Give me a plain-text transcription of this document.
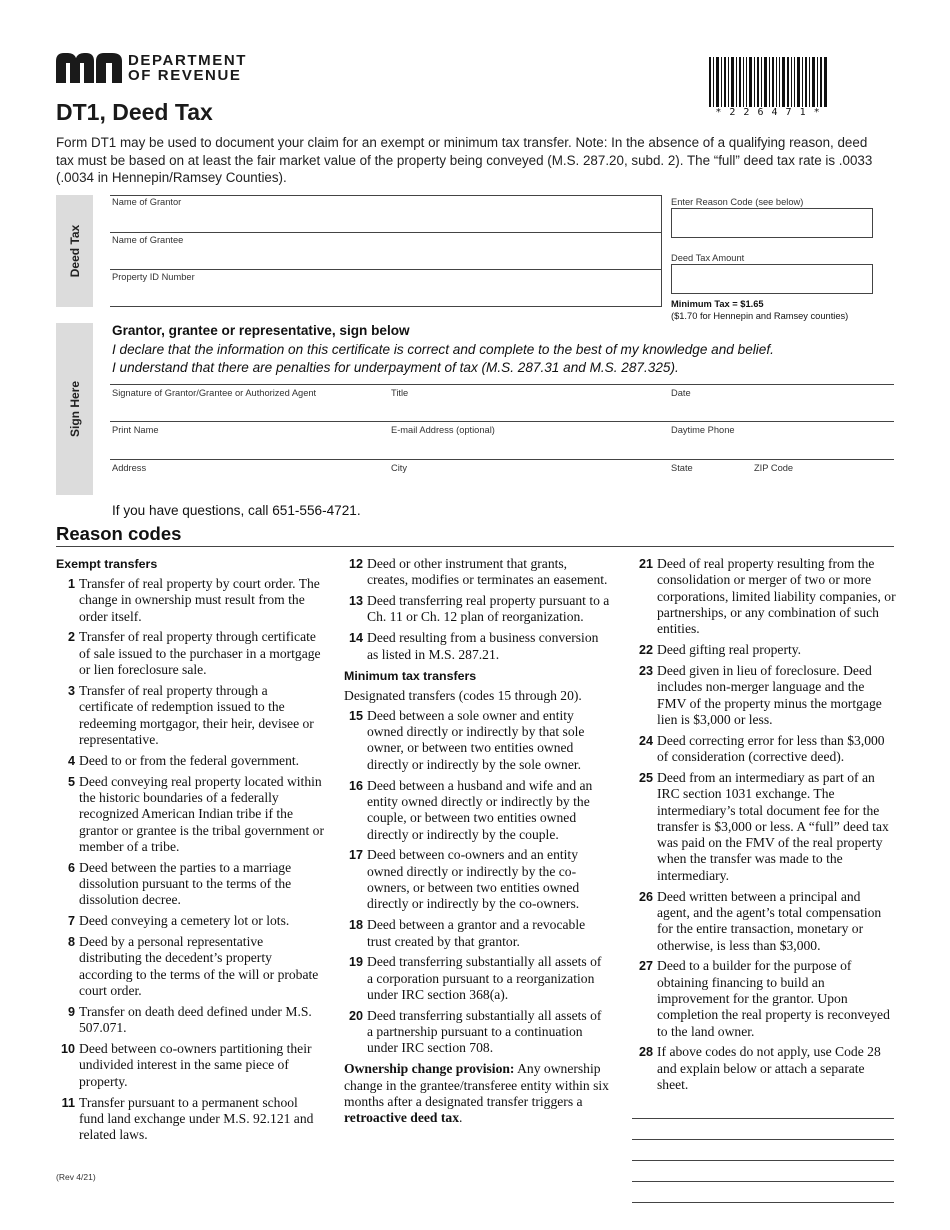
DEPARTMENT
OF REVENUE
DT1, Deed Tax	* 2 2 6 4 7 1 *
Form DT1 may be used to document your claim for an exempt or minimum tax transfer. Note: In the absence of a qualifying reason, deed tax must be based on at least the fair market value of the property being conveyed (M.S. 287.20, subd. 2). The “full” deed tax rate is .0033 (.0034 in Hennepin/Ramsey Counties).
Deed Tax
Name of Grantor
Name of Grantee
Property ID Number
Enter Reason Code (see below)
Deed Tax Amount
Minimum Tax = $1.65
($1.70 for Hennepin and Ramsey counties)
Sign Here
Grantor, grantee or representative, sign below
I declare that the information on this certificate is correct and complete to the best of my knowledge and belief.
I understand that there are penalties for underpayment of tax (M.S. 287.31 and M.S. 287.325).
Signature of Grantor/Grantee or Authorized Agent	Title	Date
Print Name	E-mail Address (optional)	Daytime Phone
Address	City	State	ZIP Code
If you have questions, call 651-556-4721.
Reason codes
Exempt transfers
1 Transfer of real property by court order. The change in ownership must result from the order itself.
2 Transfer of real property through certificate of sale issued to the purchaser in a mortgage or lien foreclosure sale.
3 Transfer of real property through a certificate of redemption issued to the redeeming mortgagor, their heir, devisee or representative.
4 Deed to or from the federal government.
5 Deed conveying real property located within the historic boundaries of a federally recognized American Indian tribe if the grantor or grantee is the tribal government or member of a tribe.
6 Deed between the parties to a marriage dissolution pursuant to the terms of the dissolution decree.
7 Deed conveying a cemetery lot or lots.
8 Deed by a personal representative distributing the decedent’s property according to the terms of the will or probate court order.
9 Transfer on death deed defined under M.S. 507.071.
10 Deed between co-owners partitioning their undivided interest in the same piece of property.
11 Transfer pursuant to a permanent school fund land exchange under M.S. 92.121 and related laws.
12 Deed or other instrument that grants, creates, modifies or terminates an easement.
13 Deed transferring real property pursuant to a Ch. 11 or Ch. 12 plan of reorganization.
14 Deed resulting from a business conversion as listed in M.S. 287.21.
Minimum tax transfers
Designated transfers (codes 15 through 20).
15 Deed between a sole owner and entity owned directly or indirectly by that sole owner, or between two entities owned directly or indirectly by the sole owner.
16 Deed between a husband and wife and an entity owned directly or indirectly by the couple, or between two entities owned directly or indirectly by the couple.
17 Deed between co-owners and an entity owned directly or indirectly by the co-owners, or between two entities owned directly or indirectly by the co-owners.
18 Deed between a grantor and a revocable trust created by that grantor.
19 Deed transferring substantially all assets of a corporation pursuant to a reorganization under IRC section 368(a).
20 Deed transferring substantially all assets of a partnership pursuant to a continuation under IRC section 708.
Ownership change provision: Any ownership change in the grantee/transferee entity within six months after a designated transfer triggers a retroactive deed tax.
21 Deed of real property resulting from the consolidation or merger of two or more corporations, limited liability companies, or partnerships, or any combination of such entities.
22 Deed gifting real property.
23 Deed given in lieu of foreclosure. Deed includes non-merger language and the FMV of the property minus the mortgage lien is $3,000 or less.
24 Deed correcting error for less than $3,000 of consideration (corrective deed).
25 Deed from an intermediary as part of an IRC section 1031 exchange. The intermediary’s total document fee for the transfer is $3,000 or less. A “full” deed tax was paid on the FMV of the real property when the transfer was made to the intermediary.
26 Deed written between a principal and agent, and the agent’s total compensation for the entire transaction, monetary or otherwise, is less than $3,000.
27 Deed to a builder for the purpose of obtaining financing to build an improvement for the grantor. Upon completion the real property is reconveyed to the land owner.
28 If above codes do not apply, use Code 28 and explain below or attach a separate sheet.
(Rev 4/21)
